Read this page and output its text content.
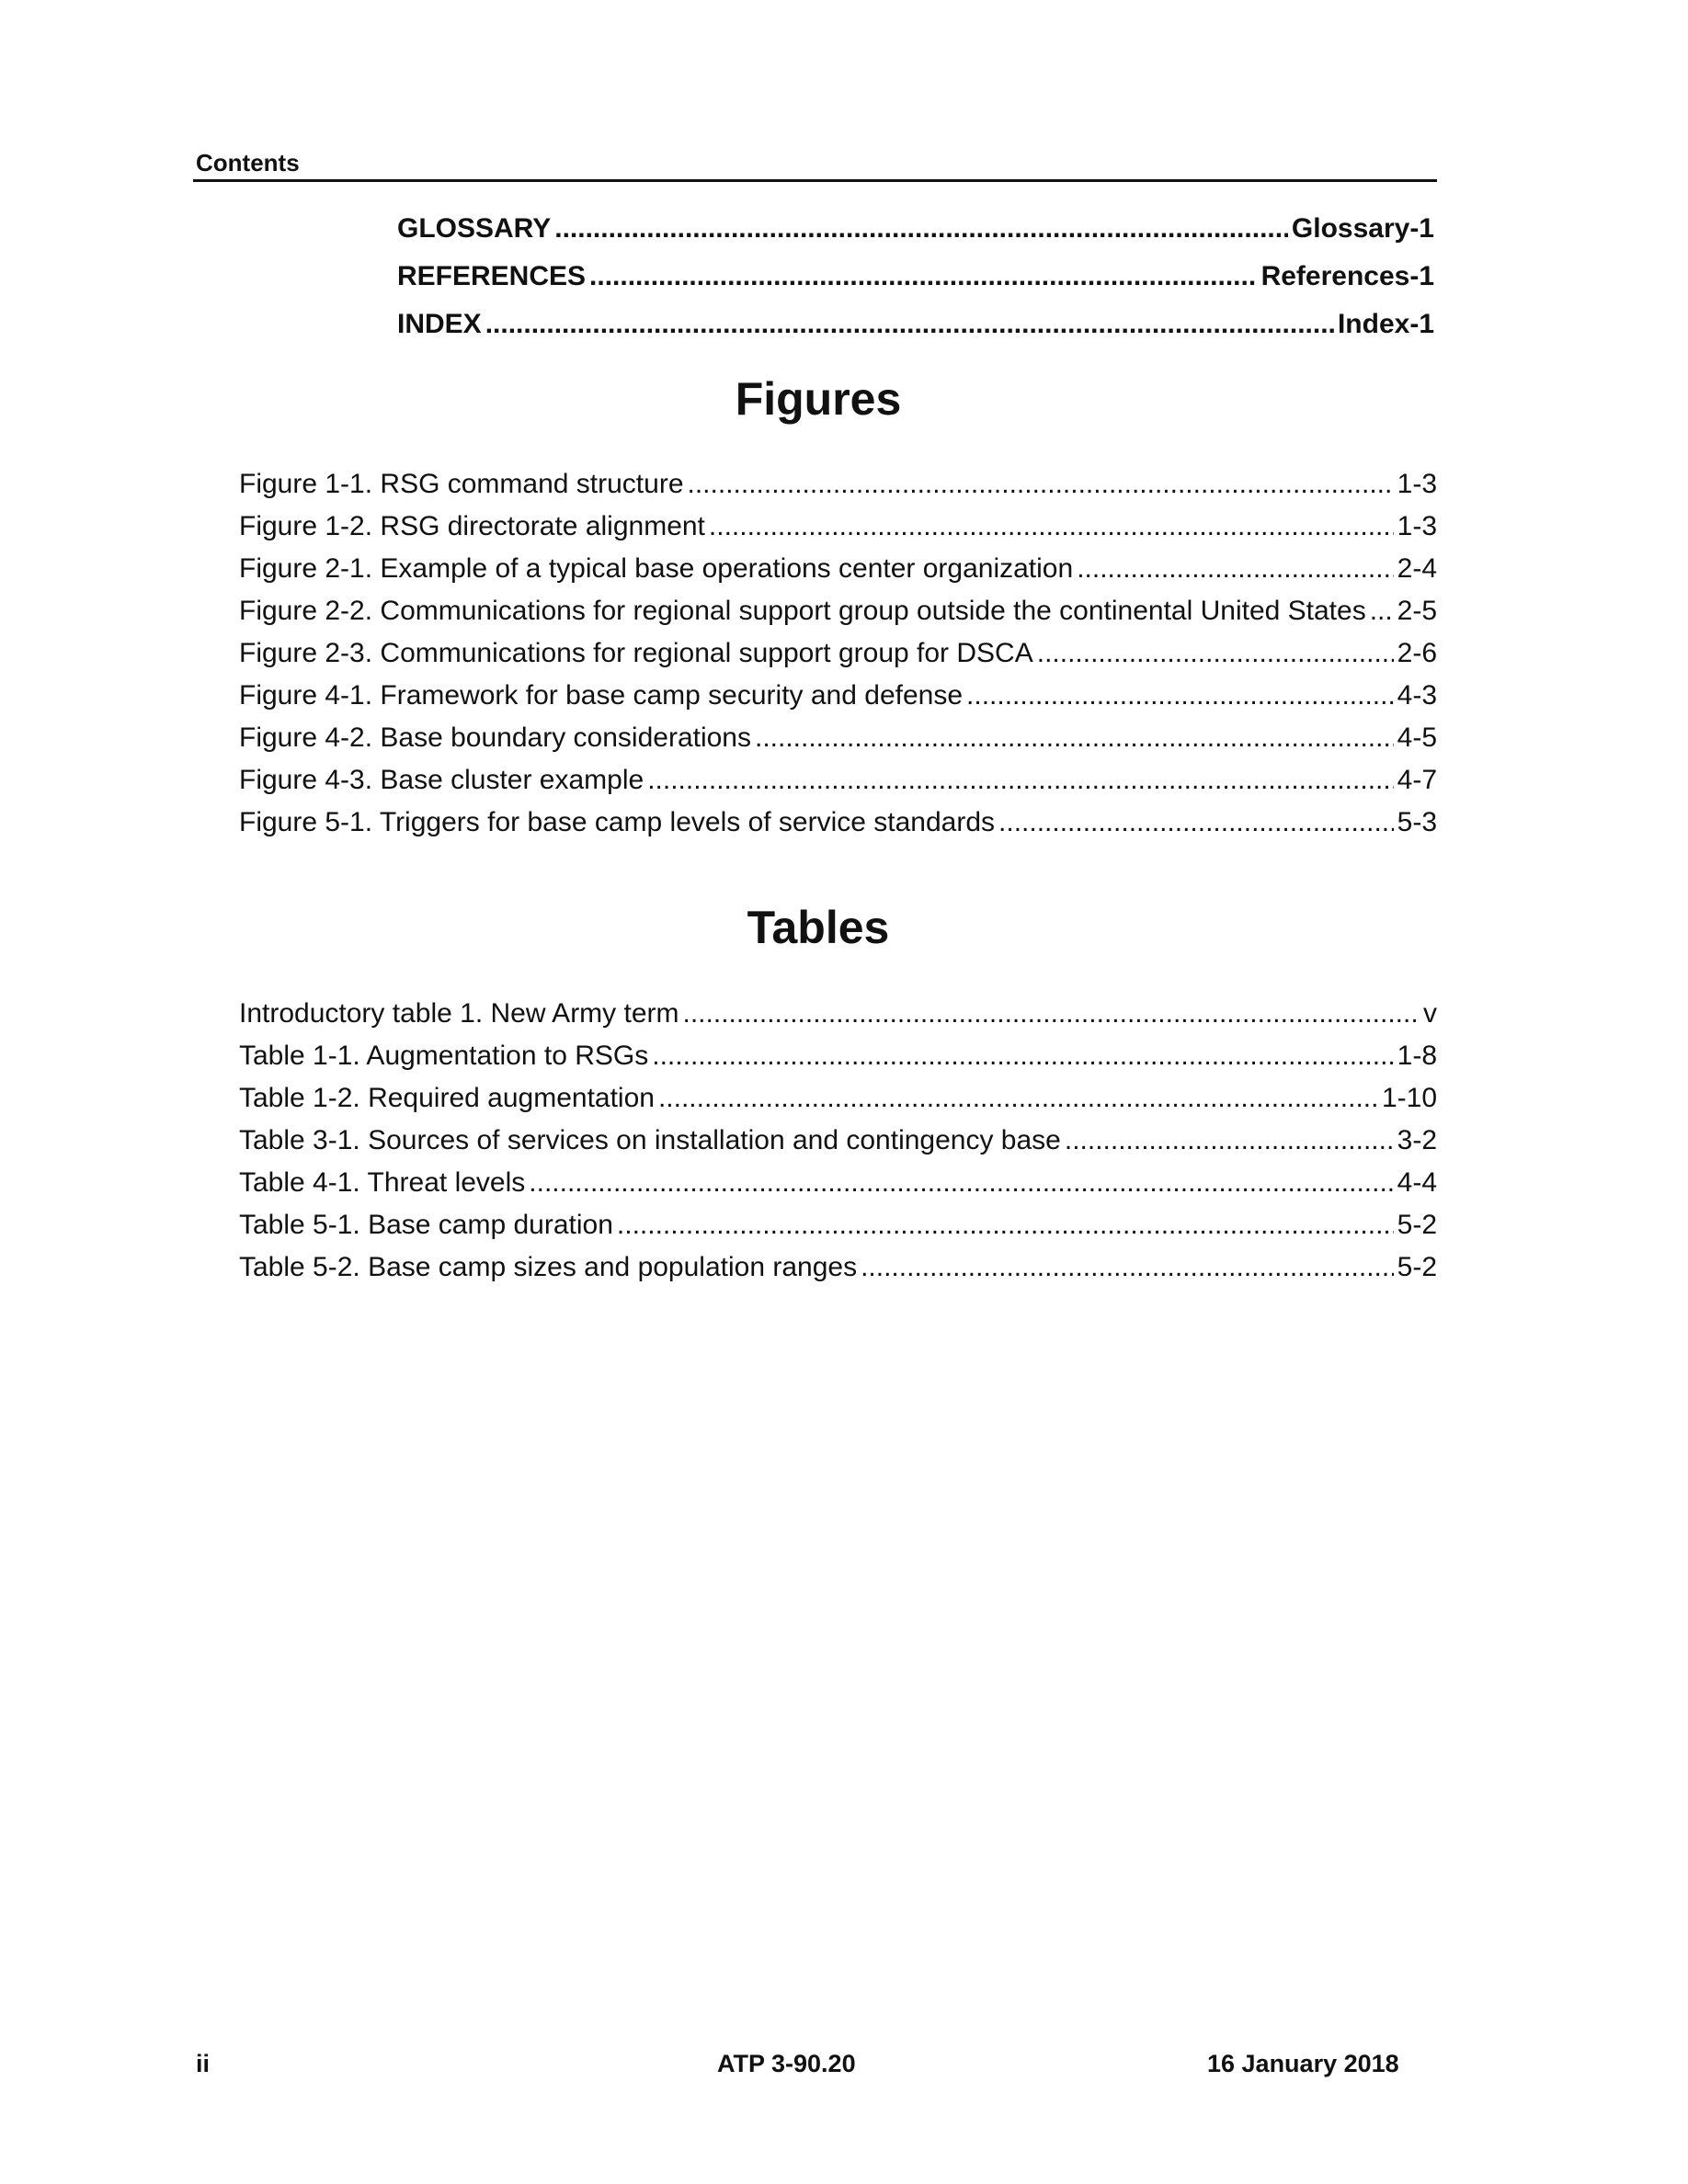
Contents
GLOSSARY .....	Glossary-1
REFERENCES .....	References-1
INDEX .....	Index-1
Figures
Figure 1-1. RSG command structure .....	1-3
Figure 1-2. RSG directorate alignment .....	1-3
Figure 2-1. Example of a typical base operations center organization .....	2-4
Figure 2-2. Communications for regional support group outside the continental United States ..... 2-5
Figure 2-3. Communications for regional support group for DSCA .....	2-6
Figure 4-1. Framework for base camp security and defense .....	4-3
Figure 4-2. Base boundary considerations .....	4-5
Figure 4-3. Base cluster example .....	4-7
Figure 5-1. Triggers for base camp levels of service standards .....	5-3
Tables
Introductory table 1. New Army term .....	v
Table 1-1. Augmentation to RSGs .....	1-8
Table 1-2. Required augmentation .....	1-10
Table 3-1. Sources of services on installation and contingency base .....	3-2
Table 4-1. Threat levels .....	4-4
Table 5-1. Base camp duration .....	5-2
Table 5-2. Base camp sizes and population ranges .....	5-2
ii	ATP 3-90.20	16 January 2018
